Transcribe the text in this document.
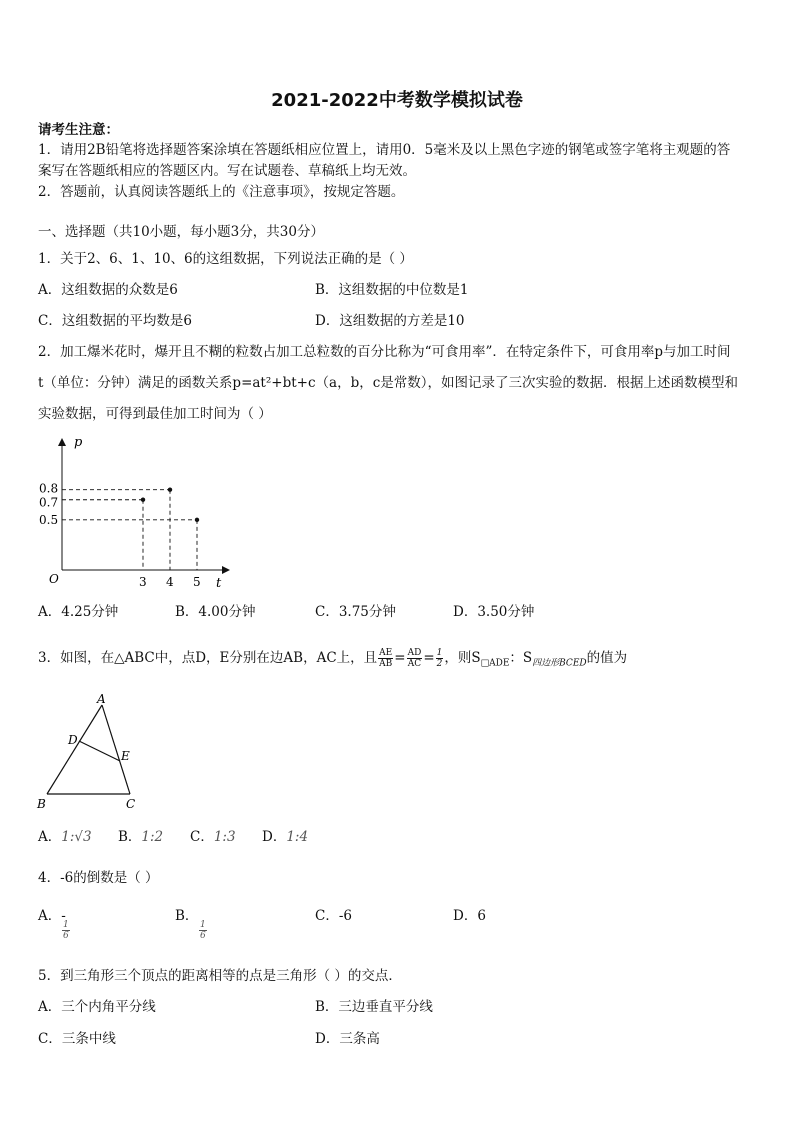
2021-2022中考数学模拟试卷
请考生注意：
1．请用2B铅笔将选择题答案涂填在答题纸相应位置上，请用0．5毫米及以上黑色字迹的钢笔或签字笔将主观题的答
案写在答题纸相应的答题区内。写在试题卷、草稿纸上均无效。
2．答题前，认真阅读答题纸上的《注意事项》，按规定答题。
一、选择题（共10小题，每小题3分，共30分）
1．关于2、6、1、10、6的这组数据，下列说法正确的是（ ）
A．这组数据的众数是6	B．这组数据的中位数是1
C．这组数据的平均数是6	D．这组数据的方差是10
2．加工爆米花时，爆开且不糊的粒数占加工总粒数的百分比称为“可食用率”．在特定条件下，可食用率p与加工时间
t（单位：分钟）满足的函数关系p=at²+bt+c（a，b，c是常数），如图记录了三次实验的数据．根据上述函数模型和
实验数据，可得到最佳加工时间为（ ）
p
t
O	3 4 5
0.5
0.7
0.8
A．4.25分钟	B．4.00分钟	C．3.75分钟	D．3.50分钟
3．如图，在△ABC中，点D，E分别在边AB，AC上，且 $\frac{AE}{AB} = \frac{AD}{AC} = \frac{1}{2}$ ，则$S_{□ADE}$：$S_{四边形BCED}$的值为
A
D
E
B	C
A．1:√3 B．1:2 C．1:3 D．1:4
4．-6的倒数是（ ）
A．-
$\frac{1}{6}$
B．
$\frac{1}{6}$
C．-6	D．6
5．到三角形三个顶点的距离相等的点是三角形（ ）的交点．
A．三个内角平分线	B．三边垂直平分线
C．三条中线	D．三条高
